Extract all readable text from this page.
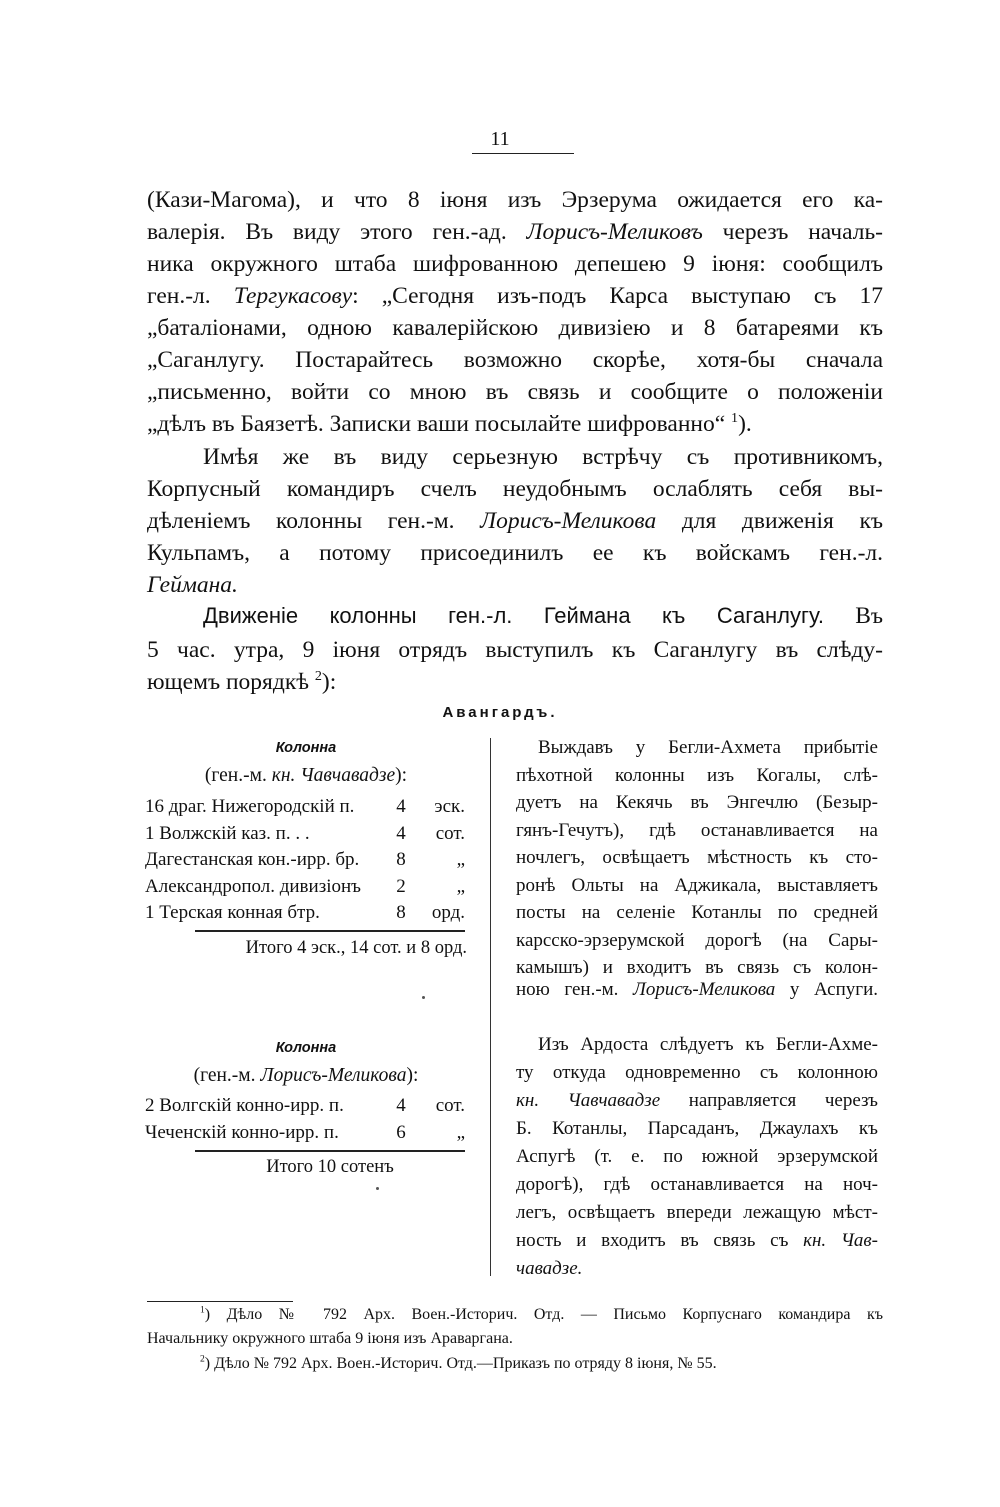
11
(Кази-Магома), и что 8 іюня изъ Эрзерума ожидается его ка-
валерія. Въ виду этого ген.-ад. Лорисъ-Меликовъ черезъ началь-
ника окружного штаба шифрованною депешею 9 іюня: сообщилъ
ген.-л. Тергукасову: „Сегодня изъ-подъ Карса выступаю съ 17
„баталіонами, одною кавалерійскою дивизіею и 8 батареями къ
„Саганлугу. Постарайтесь возможно скорѣе, хотя-бы сначала
„письменно, войти со мною въ связь и сообщите о положеніи
„дѣлъ въ Баязетѣ. Записки ваши посылайте шифрованно“ $^1$).
Имѣя же въ виду серьезную встрѣчу съ противникомъ,
Корпусный командиръ счелъ неудобнымъ ослаблять себя вы-
дѣленіемъ колонны ген.-м. Лорисъ-Меликова для движенія къ
Кульпамъ, а потому присоединилъ ее къ войскамъ ген.-л.
Геймана.
Движеніе колонны ген.-л. Геймана къ Саганлугу. Въ
5 час. утра, 9 іюня отрядъ выступилъ къ Саганлугу въ слѣду-
ющемъ порядкѣ $^2$):
Авангардъ.
Колонна
(ген.-м. кн. Чавчавадзе):
16 драг. Нижегородскій п.	4	эск.
1 Волжскій каз. п. . .	4	сот.
Дагестанская кон.-ирр. бр.	8	„
Александропол. дивизіонъ	2	„
1 Терская конная бтр.	8	орд.
Итого 4 эск., 14 сот. и 8 орд.
Колонна
(ген.-м. Лорисъ-Меликова):
2 Волгскій конно-ирр. п.	4	сот.
Чеченскій конно-ирр. п.	6	„
Итого 10 сотенъ
Выждавъ у Бегли-Ахмета прибытіе
пѣхотной колонны изъ Когалы, слѣ-
дуетъ на Кекячь въ Энгечлю (Безыр-
гянъ-Гечутъ), гдѣ останавливается на
ночлегъ, освѣщаетъ мѣстность къ сто-
ронѣ Ольты на Аджикала, выставляетъ
посты на селеніе Котанлы по средней
карсско-эрзерумской дорогѣ (на Сары-
камышъ) и входитъ въ связь съ колон-
ною ген.-м. Лорисъ-Меликова у Аспуги.
Изъ Ардоста слѣдуетъ къ Бегли-Ахме-
ту откуда одновременно съ колонною
кн. Чавчавадзе направляется черезъ
Б. Котанлы, Парсаданъ, Джаулахъ къ
Аспугѣ (т. е. по южной эрзерумской
дорогѣ), гдѣ останавливается на ноч-
легъ, освѣщаетъ впереди лежащую мѣст-
ность и входитъ въ связь съ кн. Чав-
чавадзе.
$^1$) Дѣло № 792 Арх. Воен.-Историч. Отд. — Письмо Корпуснаго командира къ
Начальнику окружного штаба 9 іюня изъ Араваргана.
$^2$) Дѣло № 792 Арх. Воен.-Историч. Отд.—Приказъ по отряду 8 іюня, № 55.
